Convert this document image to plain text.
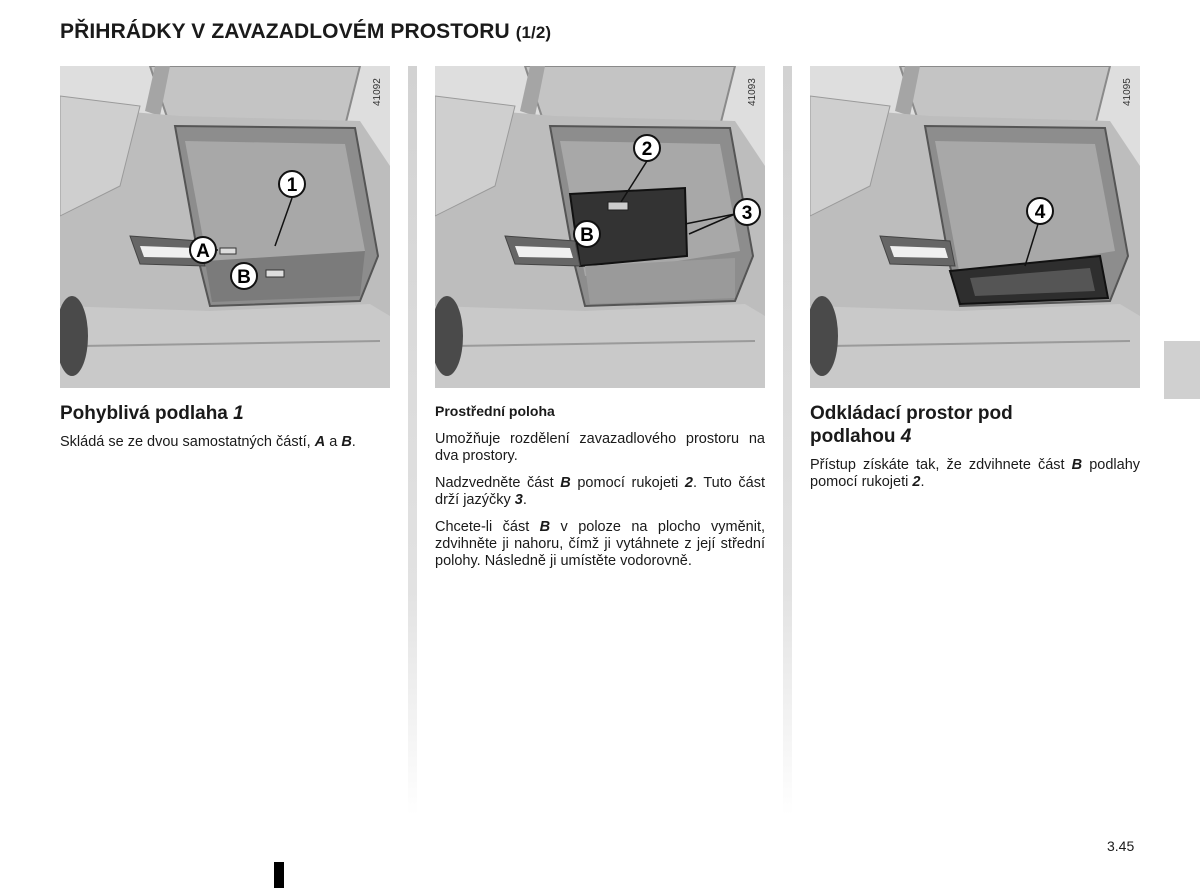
PŘIHRÁDKY V ZAVAZADLOVÉM PROSTORU (1/2)
1
A
B
41092
2
3
B
41093
4
41095
Pohyblivá podlaha 1

Skládá se ze dvou samostatných částí, A a B.

Prostřední poloha

Umožňuje rozdělení zavazadlového prostoru na dva prostory.

Nadzvedněte část B pomocí rukojeti 2. Tuto část drží jazýčky 3.

Chcete-li část B v poloze na plocho vyměnit, zdvihněte ji nahoru, čímž ji vytáhnete z její střední polohy. Následně ji umístěte vodorovně.

Odkládací prostor pod
podlahou 4

Přístup získáte tak, že zdvihnete část B podlahy pomocí rukojeti 2.

3.45
